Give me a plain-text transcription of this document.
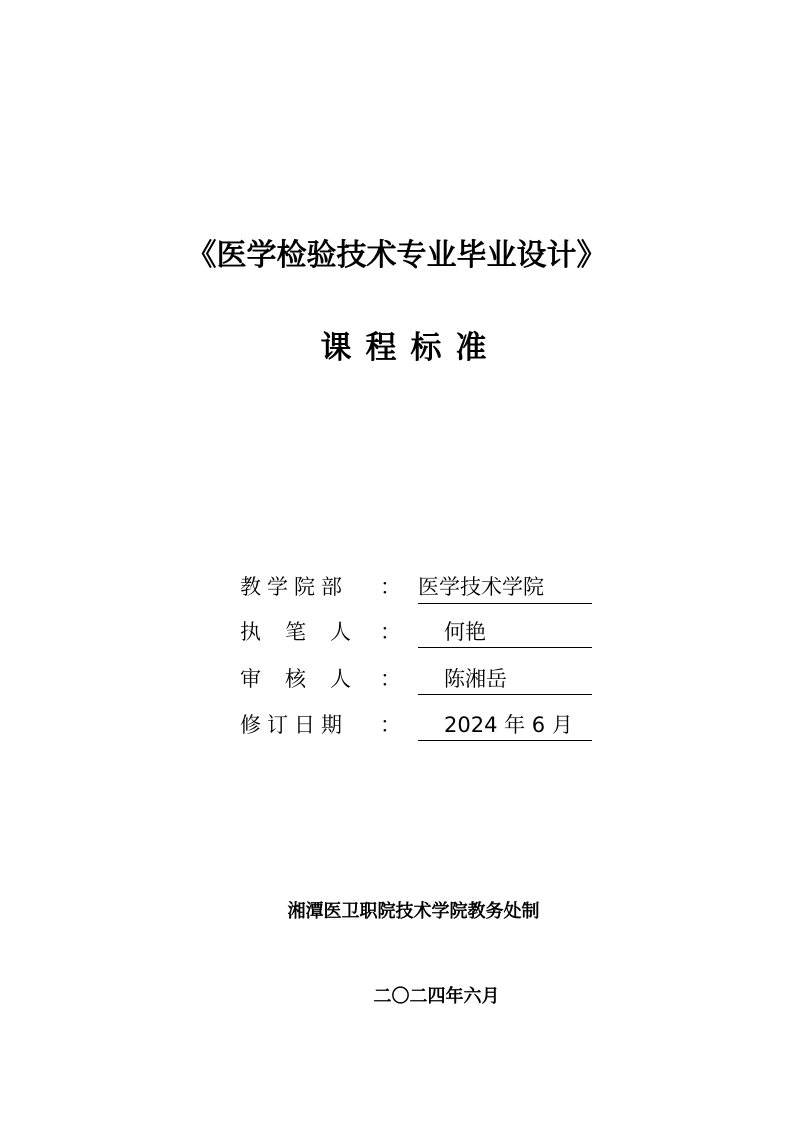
《医学检验技术专业毕业设计》
课程标准
教学院部 ： 医学技术学院
执笔人 ：	何艳
审核人 ：	陈湘岳
修订日期 ：	2024 年 6 月
湘潭医卫职院技术学院教务处制
二〇二四年六月
